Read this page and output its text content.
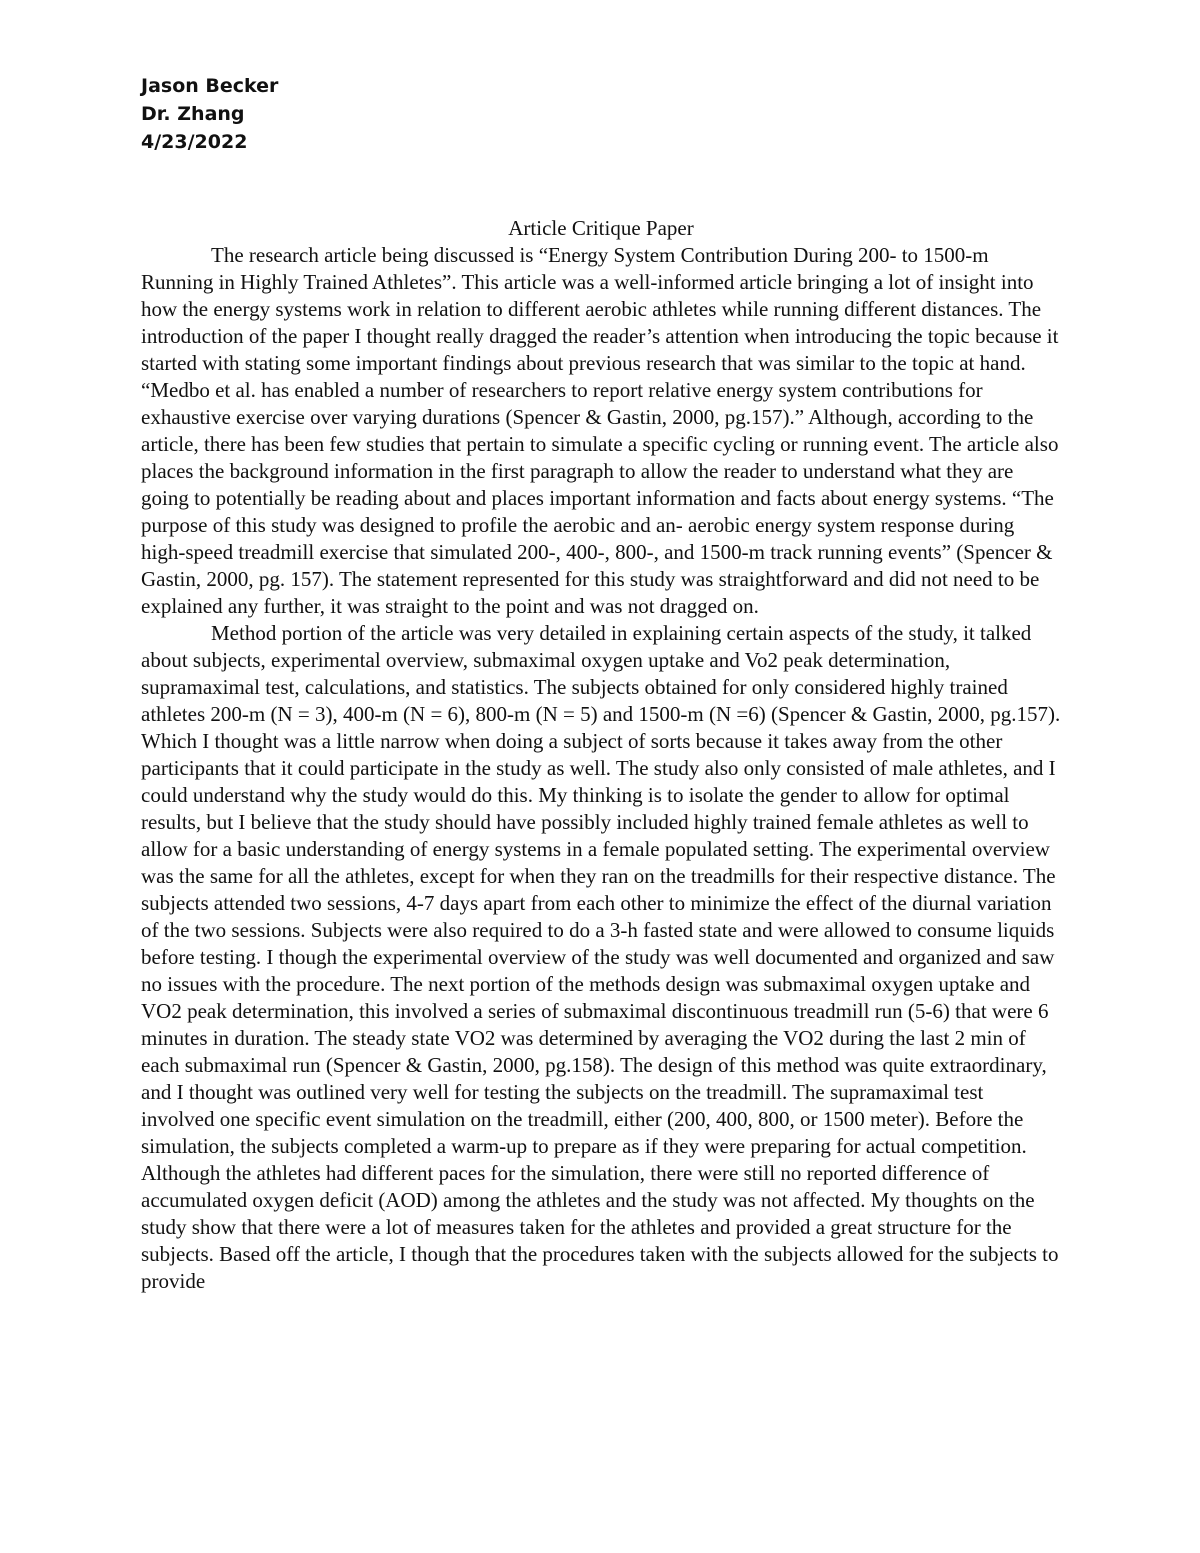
Jason Becker
Dr. Zhang
4/23/2022
Article Critique Paper

The research article being discussed is “Energy System Contribution During 200- to 1500-m Running in Highly Trained Athletes”. This article was a well-informed article bringing a lot of insight into how the energy systems work in relation to different aerobic athletes while running different distances. The introduction of the paper I thought really dragged the reader’s attention when introducing the topic because it started with stating some important findings about previous research that was similar to the topic at hand. “Medbo et al. has enabled a number of researchers to report relative energy system contributions for exhaustive exercise over varying durations (Spencer & Gastin, 2000, pg.157).” Although, according to the article, there has been few studies that pertain to simulate a specific cycling or running event. The article also places the background information in the first paragraph to allow the reader to understand what they are going to potentially be reading about and places important information and facts about energy systems. “The purpose of this study was designed to profile the aerobic and an- aerobic energy system response during high-speed treadmill exercise that simulated 200-, 400-, 800-, and 1500-m track running events” (Spencer & Gastin, 2000, pg. 157). The statement represented for this study was straightforward and did not need to be explained any further, it was straight to the point and was not dragged on.

Method portion of the article was very detailed in explaining certain aspects of the study, it talked about subjects, experimental overview, submaximal oxygen uptake and Vo2 peak determination, supramaximal test, calculations, and statistics. The subjects obtained for only considered highly trained athletes 200-m (N = 3), 400-m (N = 6), 800-m (N = 5) and 1500-m (N =6) (Spencer & Gastin, 2000, pg.157). Which I thought was a little narrow when doing a subject of sorts because it takes away from the other participants that it could participate in the study as well. The study also only consisted of male athletes, and I could understand why the study would do this. My thinking is to isolate the gender to allow for optimal results, but I believe that the study should have possibly included highly trained female athletes as well to allow for a basic understanding of energy systems in a female populated setting. The experimental overview was the same for all the athletes, except for when they ran on the treadmills for their respective distance. The subjects attended two sessions, 4-7 days apart from each other to minimize the effect of the diurnal variation of the two sessions. Subjects were also required to do a 3-h fasted state and were allowed to consume liquids before testing. I though the experimental overview of the study was well documented and organized and saw no issues with the procedure. The next portion of the methods design was submaximal oxygen uptake and VO2 peak determination, this involved a series of submaximal discontinuous treadmill run (5-6) that were 6 minutes in duration. The steady state VO2 was determined by averaging the VO2 during the last 2 min of each submaximal run (Spencer & Gastin, 2000, pg.158). The design of this method was quite extraordinary, and I thought was outlined very well for testing the subjects on the treadmill. The supramaximal test involved one specific event simulation on the treadmill, either (200, 400, 800, or 1500 meter). Before the simulation, the subjects completed a warm-up to prepare as if they were preparing for actual competition. Although the athletes had different paces for the simulation, there were still no reported difference of accumulated oxygen deficit (AOD) among the athletes and the study was not affected. My thoughts on the study show that there were a lot of measures taken for the athletes and provided a great structure for the subjects. Based off the article, I though that the procedures taken with the subjects allowed for the subjects to provide
